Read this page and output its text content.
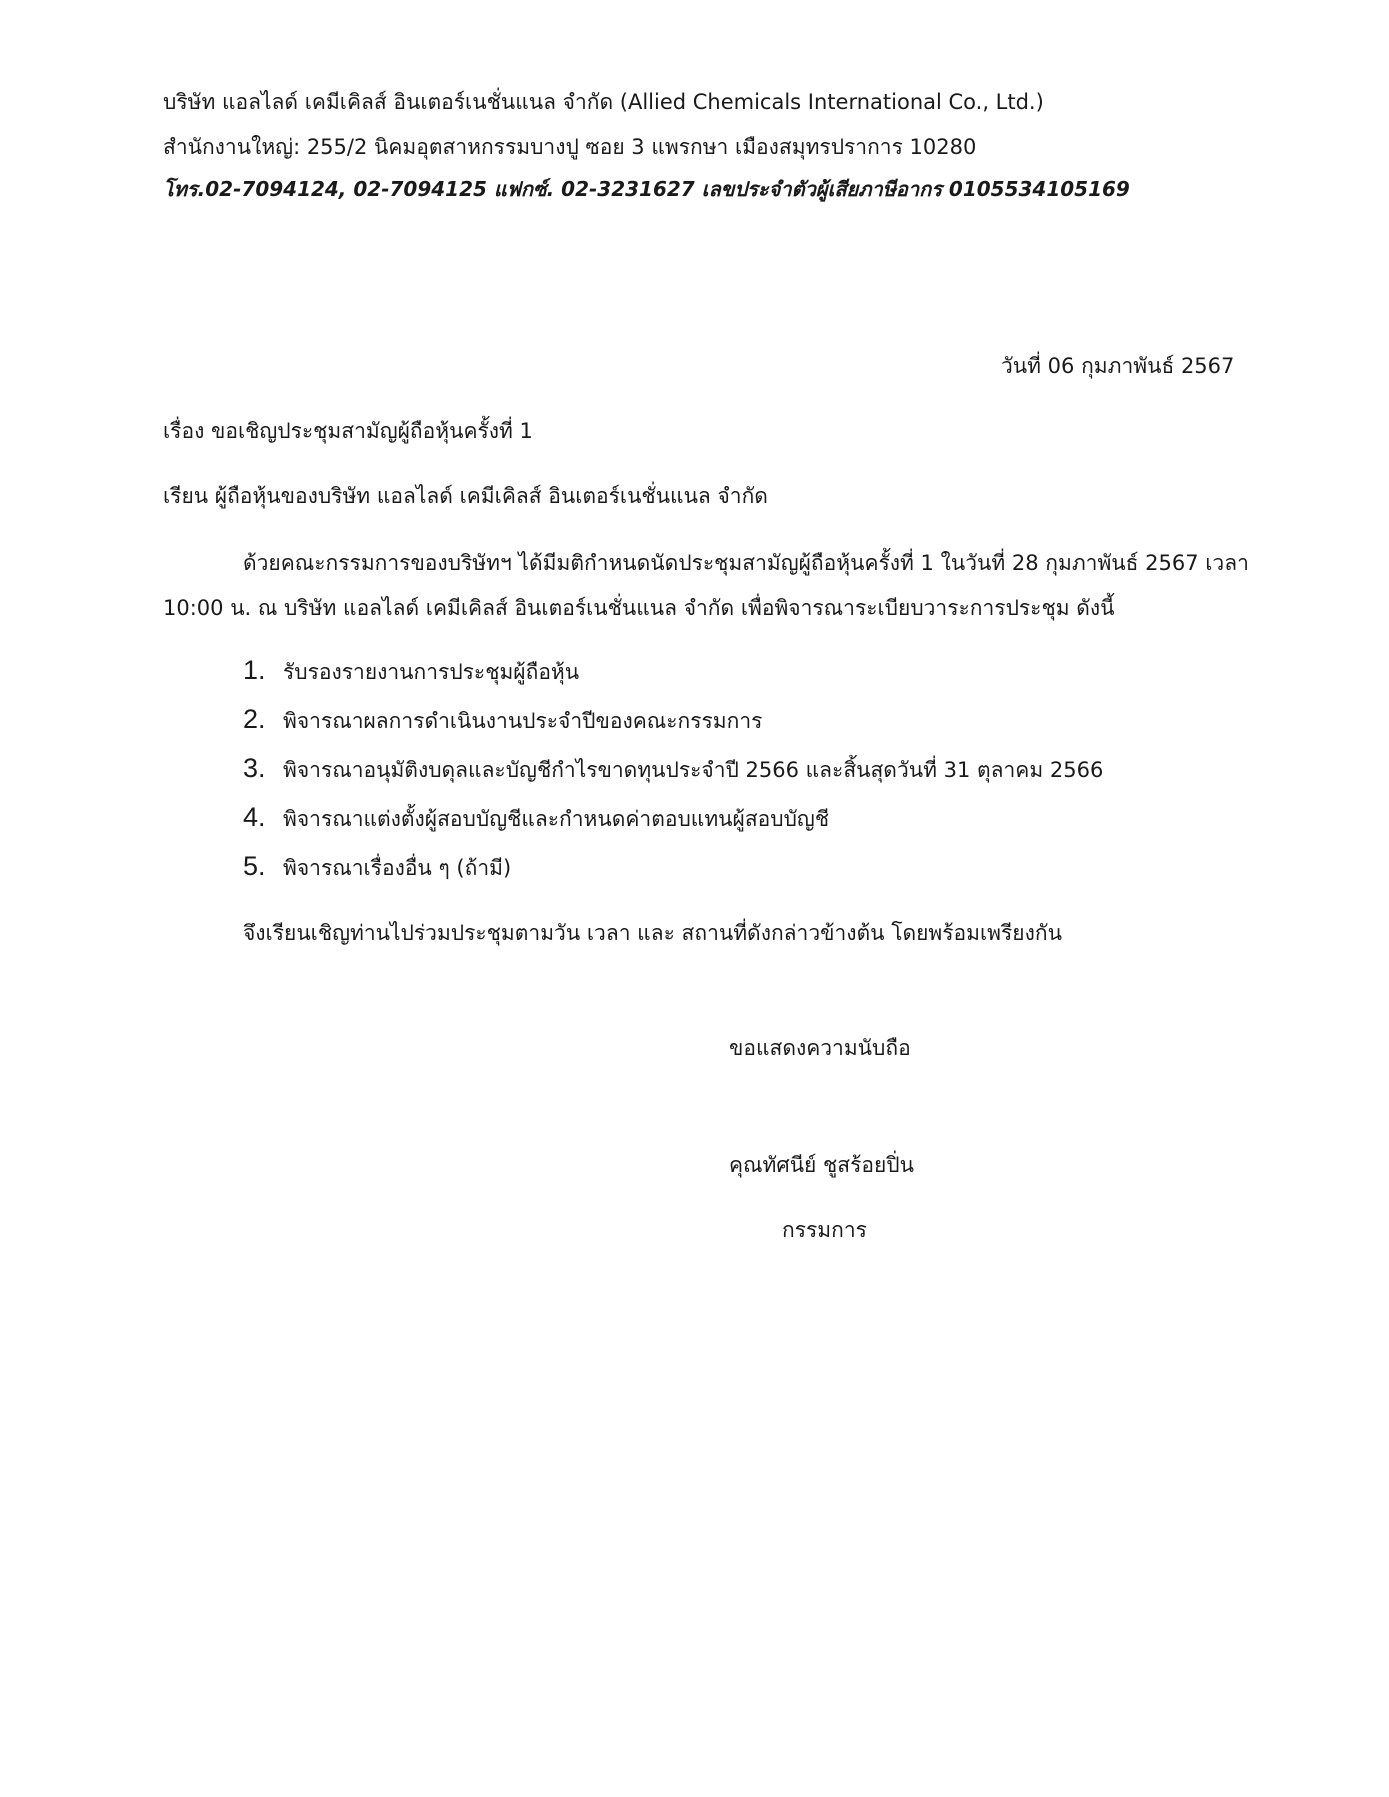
บริษัท แอลไลด์ เคมีเคิลส์ อินเตอร์เนชั่นแนล จำกัด (Allied Chemicals International Co., Ltd.)
สำนักงานใหญ่: 255/2 นิคมอุตสาหกรรมบางปู ซอย 3 แพรกษา เมืองสมุทรปราการ 10280
โทร.02-7094124, 02-7094125 แฟกซ์. 02-3231627 เลขประจำตัวผู้เสียภาษีอากร 0105534105169
วันที่ 06 กุมภาพันธ์ 2567
เรื่อง ขอเชิญประชุมสามัญผู้ถือหุ้นครั้งที่ 1
เรียน ผู้ถือหุ้นของบริษัท แอลไลด์ เคมีเคิลส์ อินเตอร์เนชั่นแนล จำกัด
ด้วยคณะกรรมการของบริษัทฯ ได้มีมติกำหนดนัดประชุมสามัญผู้ถือหุ้นครั้งที่ 1 ในวันที่ 28 กุมภาพันธ์ 2567 เวลา
10:00 น. ณ บริษัท แอลไลด์ เคมีเคิลส์ อินเตอร์เนชั่นแนล จำกัด เพื่อพิจารณาระเบียบวาระการประชุม ดังนี้
1. รับรองรายงานการประชุมผู้ถือหุ้น
2. พิจารณาผลการดำเนินงานประจำปีของคณะกรรมการ
3. พิจารณาอนุมัติงบดุลและบัญชีกำไรขาดทุนประจำปี 2566 และสิ้นสุดวันที่ 31 ตุลาคม 2566
4. พิจารณาแต่งตั้งผู้สอบบัญชีและกำหนดค่าตอบแทนผู้สอบบัญชี
5. พิจารณาเรื่องอื่น ๆ (ถ้ามี)
จึงเรียนเชิญท่านไปร่วมประชุมตามวัน เวลา และ สถานที่ดังกล่าวข้างต้น โดยพร้อมเพรียงกัน
ขอแสดงความนับถือ
คุณทัศนีย์ ชูสร้อยปิ่น
กรรมการ
